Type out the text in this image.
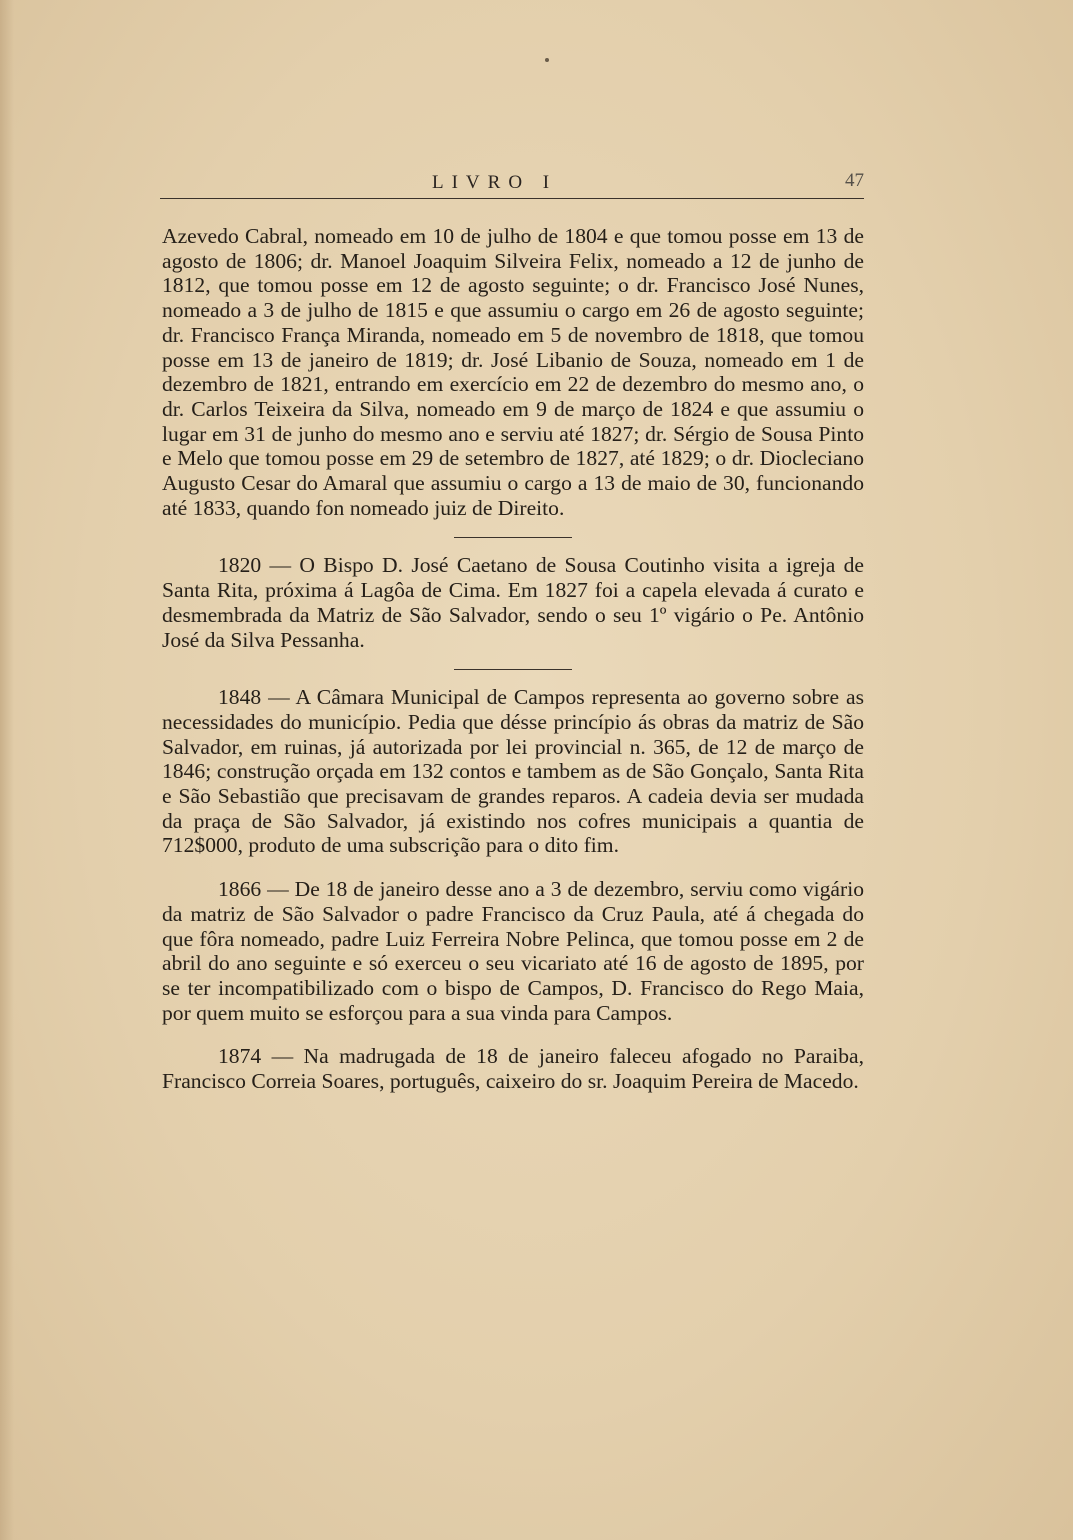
LIVRO I	47

Azevedo Cabral, nomeado em 10 de julho de 1804 e que tomou posse em 13 de agosto de 1806; dr. Manoel Joaquim Silveira Felix, nomeado a 12 de junho de 1812, que tomou posse em 12 de agosto seguinte; o dr. Francisco José Nunes, nomeado a 3 de julho de 1815 e que assumiu o cargo em 26 de agosto seguinte; dr. Francisco França Miranda, nomeado em 5 de novembro de 1818, que tomou posse em 13 de janeiro de 1819; dr. José Libanio de Souza, nomeado em 1 de dezembro de 1821, entrando em exercício em 22 de dezembro do mesmo ano, o dr. Carlos Teixeira da Silva, nomeado em 9 de março de 1824 e que assumiu o lugar em 31 de junho do mesmo ano e serviu até 1827; dr. Sérgio de Sousa Pinto e Melo que tomou posse em 29 de setembro de 1827, até 1829; o dr. Diocleciano Augusto Cesar do Amaral que assumiu o cargo a 13 de maio de 30, funcionando até 1833, quando fon nomeado juiz de Direito.

1820 — O Bispo D. José Caetano de Sousa Coutinho visita a igreja de Santa Rita, próxima á Lagôa de Cima. Em 1827 foi a capela elevada á curato e desmembrada da Matriz de São Salvador, sendo o seu 1º vigário o Pe. Antônio José da Silva Pessanha.

1848 — A Câmara Municipal de Campos representa ao governo sobre as necessidades do município. Pedia que désse princípio ás obras da matriz de São Salvador, em ruinas, já autorizada por lei provincial n. 365, de 12 de março de 1846; construção orçada em 132 contos e tambem as de São Gonçalo, Santa Rita e São Sebastião que precisavam de grandes reparos. A cadeia devia ser mudada da praça de São Salvador, já existindo nos cofres municipais a quantia de 712$000, produto de uma subscrição para o dito fim.

1866 — De 18 de janeiro desse ano a 3 de dezembro, serviu como vigário da matriz de São Salvador o padre Francisco da Cruz Paula, até á chegada do que fôra nomeado, padre Luiz Ferreira Nobre Pelinca, que tomou posse em 2 de abril do ano seguinte e só exerceu o seu vicariato até 16 de agosto de 1895, por se ter incompatibilizado com o bispo de Campos, D. Francisco do Rego Maia, por quem muito se esforçou para a sua vinda para Campos.

1874 — Na madrugada de 18 de janeiro faleceu afogado no Paraiba, Francisco Correia Soares, português, caixeiro do sr. Joaquim Pereira de Macedo.
